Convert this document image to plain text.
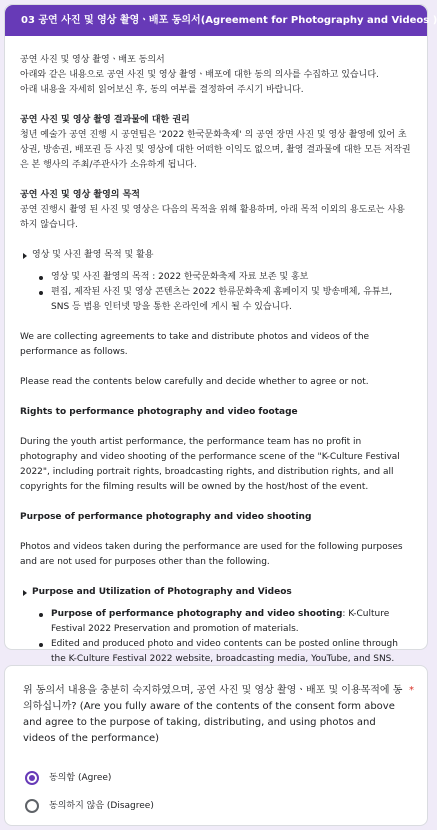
03 공연 사진 및 영상 촬영ㆍ배포 동의서(Agreement for Photography and Videos )

공연 사진 및 영상 촬영ㆍ배포 동의서

아래와 같은 내용으로 공연 사진 및 영상 촬영ㆍ배포에 대한 동의 의사를 수집하고 있습니다.

아래 내용을 자세히 읽어보신 후, 동의 여부를 결정하여 주시기 바랍니다.

공연 사진 및 영상 촬영 결과물에 대한 권리

청년 예술가 공연 진행 시 공연팀은 '2022 한국문화축제' 의 공연 장면 사진 및 영상 촬영에 있어 초상권, 방송권, 배포권 등 사진 및 영상에 대한 어떠한 이익도 없으며, 촬영 결과물에 대한 모든 저작권은 본 행사의 주최/주관사가 소유하게 됩니다.

공연 사진 및 영상 촬영의 목적

공연 진행시 촬영 된 사진 및 영상은 다음의 목적을 위해 활용하며, 아래 목적 이외의 용도로는 사용하지 않습니다.

영상 및 사진 촬영 목적 및 활용
영상 및 사진 촬영의 목적 : 2022 한국문화축제 자료 보존 및 홍보
편집, 제작된 사진 및 영상 콘텐츠는 2022 한류문화축제 홈페이지 및 방송매체, 유튜브, SNS 등 범용 인터넷 망을 통한 온라인에 게시 될 수 있습니다.

We are collecting agreements to take and distribute photos and videos of the performance as follows.

Please read the contents below carefully and decide whether to agree or not.

Rights to performance photography and video footage

During the youth artist performance, the performance team has no profit in photography and video shooting of the performance scene of the "K-Culture Festival 2022", including portrait rights, broadcasting rights, and distribution rights, and all copyrights for the filming results will be owned by the host/host of the event.

Purpose of performance photography and video shooting

Photos and videos taken during the performance are used for the following purposes and are not used for purposes other than the following.

Purpose and Utilization of Photography and Videos
Purpose of performance photography and video shooting: K-Culture Festival 2022 Preservation and promotion of materials.
Edited and produced photo and video contents can be posted online through the K-Culture Festival 2022 website, broadcasting media, YouTube, and SNS.
위 동의서 내용을 충분히 숙지하였으며, 공연 사진 및 영상 촬영ㆍ배포 및 이용목적에 동의하십니까? (Are you fully aware of the contents of the consent form above and agree to the purpose of taking, distributing, and using photos and videos of the performance)
*
동의함 (Agree)
동의하지 않음 (Disagree)
